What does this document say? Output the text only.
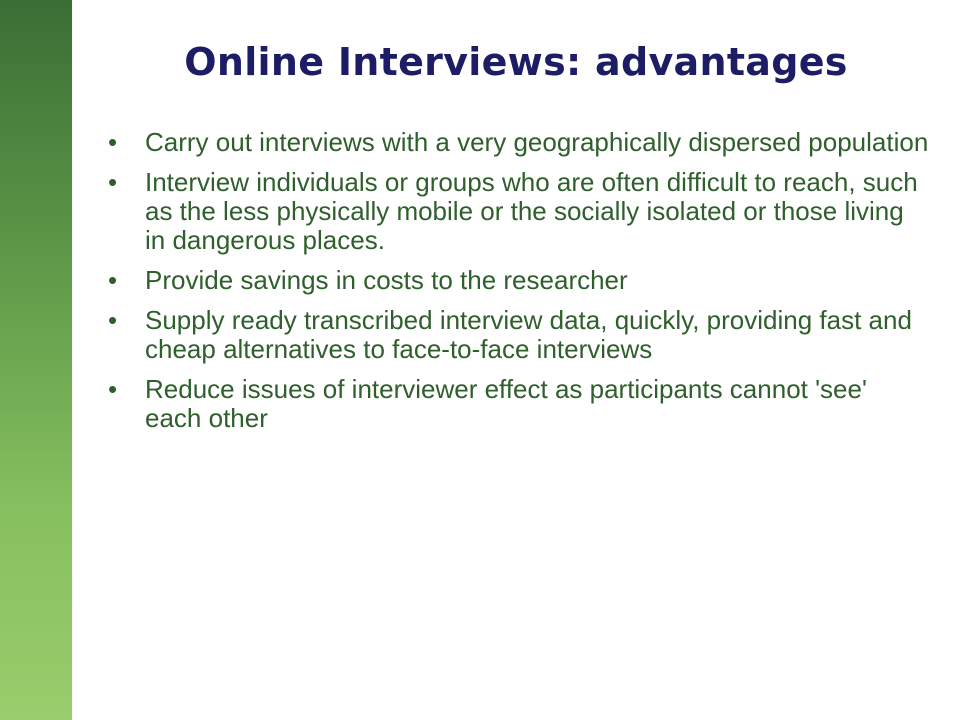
Online Interviews: advantages
• Carry out interviews with a very geographically dispersed population
• Interview individuals or groups who are often difficult to reach, such as the less physically mobile or the socially isolated or those living in dangerous places.
• Provide savings in costs to the researcher
• Supply ready transcribed interview data, quickly, providing fast and cheap alternatives to face-to-face interviews
• Reduce issues of interviewer effect as participants cannot 'see' each other
